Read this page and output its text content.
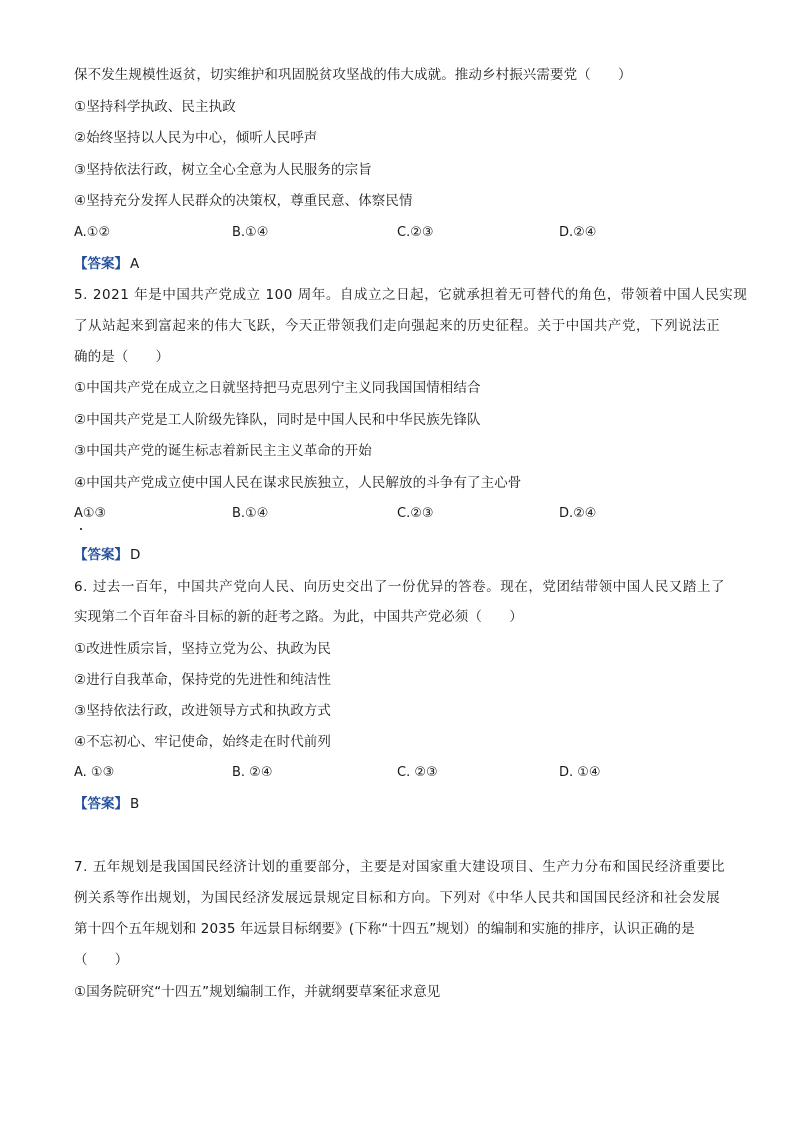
保不发生规模性返贫，切实维护和巩固脱贫攻坚战的伟大成就。推动乡村振兴需要党（　　）
①坚持科学执政、民主执政
②始终坚持以人民为中心，倾听人民呼声
③坚持依法行政，树立全心全意为人民服务的宗旨
④坚持充分发挥人民群众的决策权，尊重民意、体察民情
A.①②	B.①④	C.②③	D.②④
【答案】 A
5. 2021 年是中国共产党成立 100 周年。自成立之日起，它就承担着无可替代的角色，带领着中国人民实现
了从站起来到富起来的伟大飞跃，今天正带领我们走向强起来的历史征程。关于中国共产党，下列说法正
确的是（　　）
①中国共产党在成立之日就坚持把马克思列宁主义同我国国情相结合
②中国共产党是工人阶级先锋队，同时是中国人民和中华民族先锋队
③中国共产党的诞生标志着新民主主义革命的开始
④中国共产党成立使中国人民在谋求民族独立，人民解放的斗争有了主心骨
A①③	B.①④	C.②③	D.②④
【答案】 D
6. 过去一百年，中国共产党向人民、向历史交出了一份优异的答卷。现在，党团结带领中国人民又踏上了
实现第二个百年奋斗目标的新的赶考之路。为此，中国共产党必须（　　）
①改进性质宗旨，坚持立党为公、执政为民
②进行自我革命，保持党的先进性和纯洁性
③坚持依法行政，改进领导方式和执政方式
④不忘初心、牢记使命，始终走在时代前列
A. ①③	B. ②④	C. ②③	D. ①④
【答案】 B
7. 五年规划是我国国民经济计划的重要部分，主要是对国家重大建设项目、生产力分布和国民经济重要比
例关系等作出规划，为国民经济发展远景规定目标和方向。下列对《中华人民共和国国民经济和社会发展
第十四个五年规划和 2035 年远景目标纲要》(下称“十四五”规划）的编制和实施的排序，认识正确的是
（　　）
①国务院研究“十四五”规划编制工作，并就纲要草案征求意见
